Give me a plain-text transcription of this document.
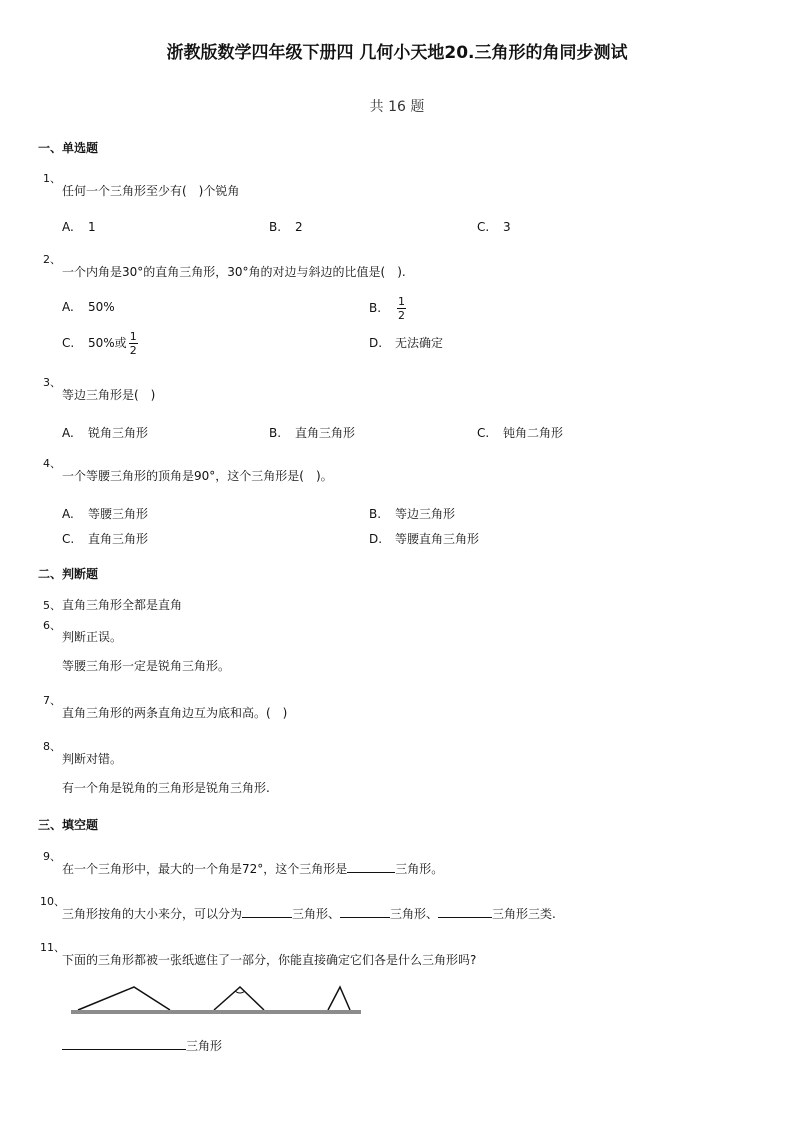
浙教版数学四年级下册四 几何小天地20.三角形的角同步测试
共 16 题
一、单选题
1、
任何一个三角形至少有(　)个锐角
A. 1	B. 2	C. 3
2、
一个内角是30°的直角三角形，30°角的对边与斜边的比值是(　).
A. 50%	B. $\frac{1}{2}$
C. 50%或 $\frac{1}{2}$	D. 无法确定
3、
等边三角形是(　)
A. 锐角三角形	B. 直角三角形	C. 钝角二角形
4、
一个等腰三角形的顶角是90°，这个三角形是(　)。
A. 等腰三角形	B. 等边三角形
C. 直角三角形	D. 等腰直角三角形
二、判断题
5、 直角三角形全都是直角
6、
判断正误。
等腰三角形一定是锐角三角形。
7、
直角三角形的两条直角边互为底和高。(　)
8、
判断对错。
有一个角是锐角的三角形是锐角三角形.
三、填空题
9、
在一个三角形中，最大的一个角是72°，这个三角形是	三角形。
10、
三角形按角的大小来分，可以分为	三角形、	三角形、	三角形三类.
11、
下面的三角形都被一张纸遮住了一部分，你能直接确定它们各是什么三角形吗?
三角形
